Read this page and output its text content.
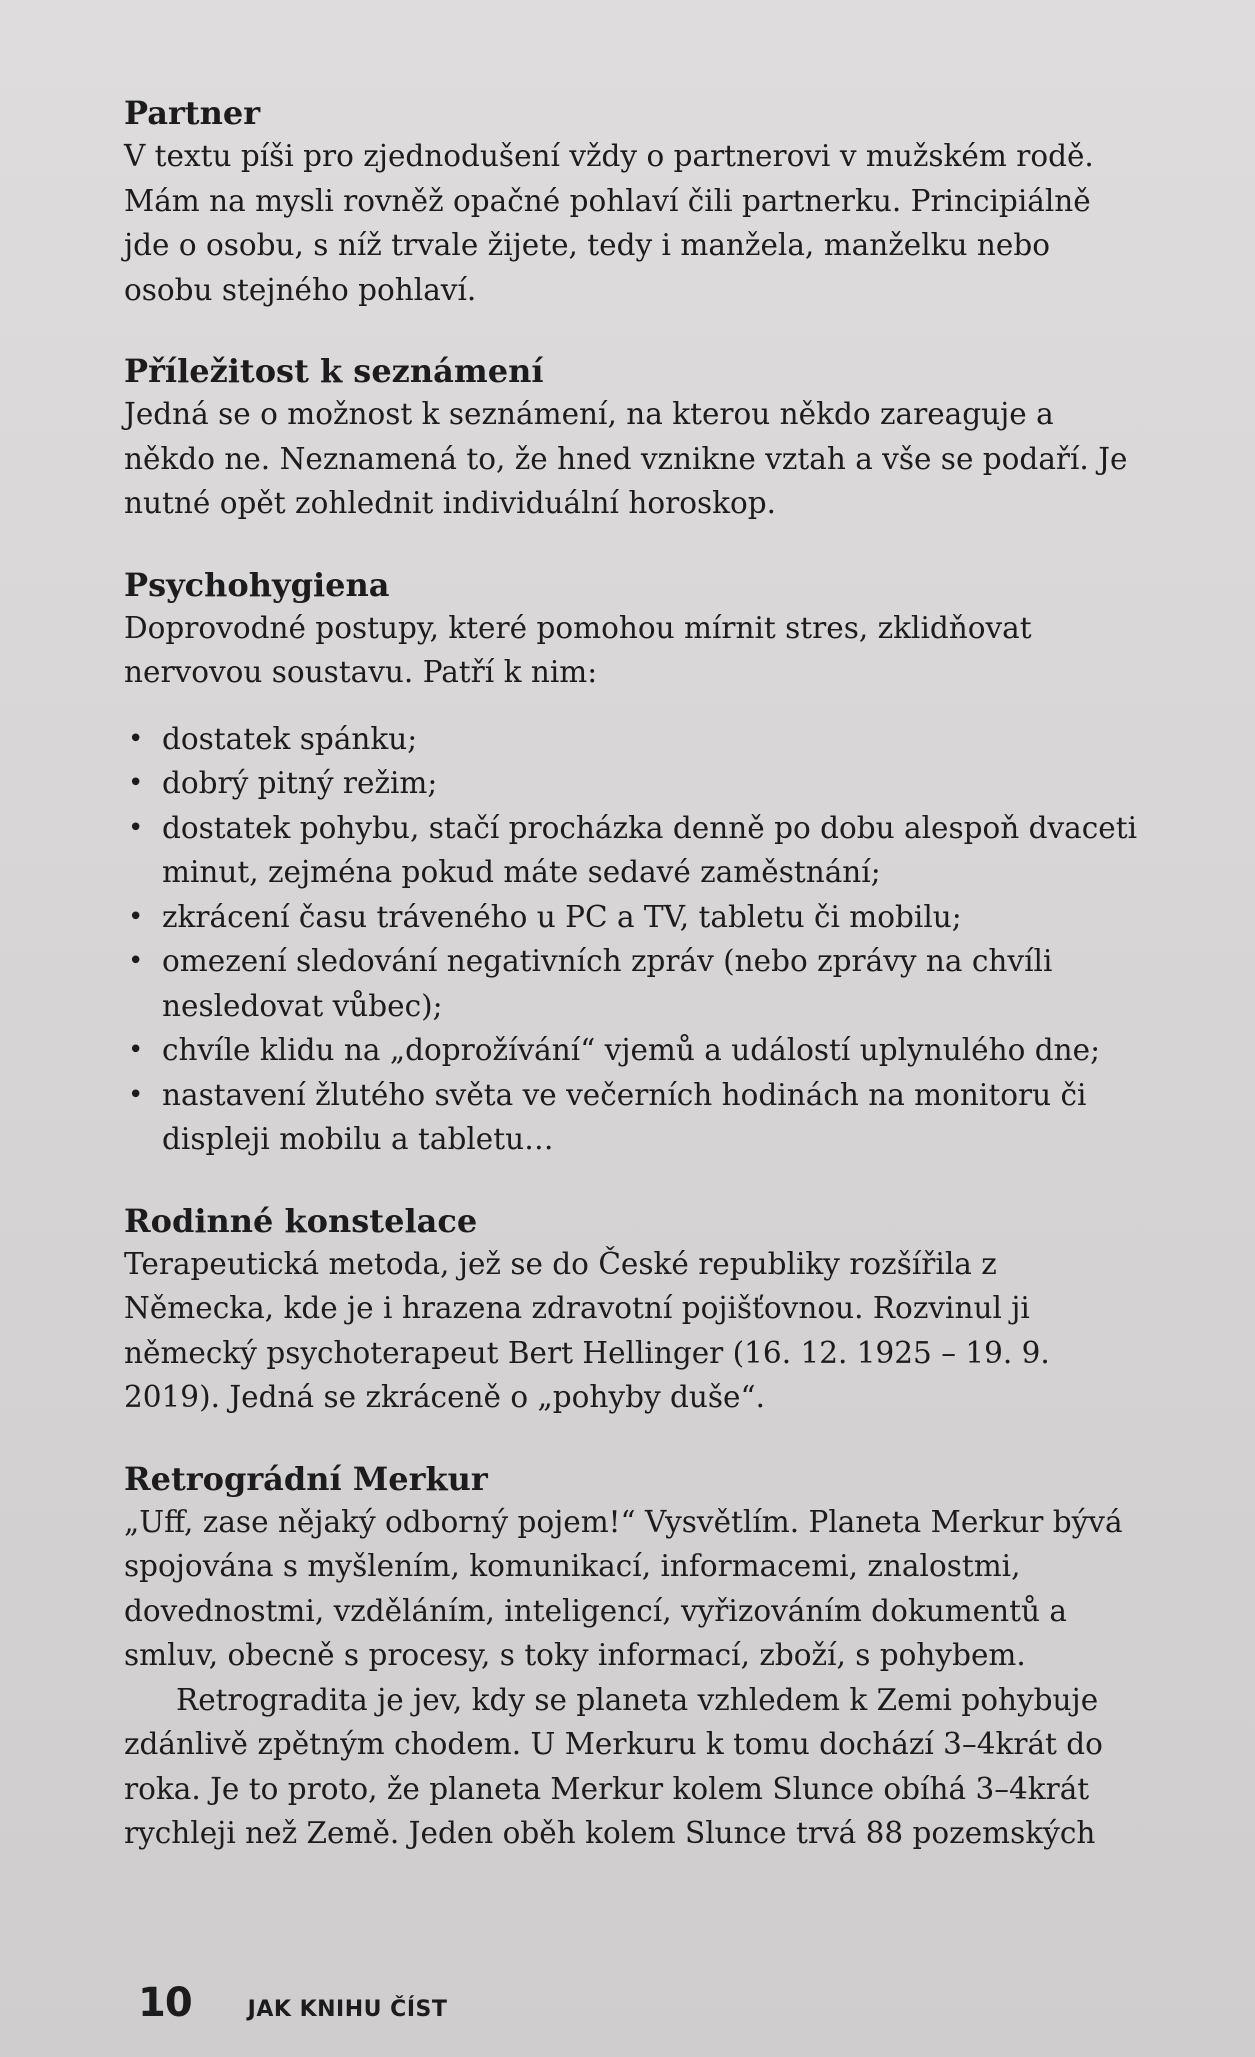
Partner

V textu píši pro zjednodušení vždy o partnerovi v mužském rodě. Mám na mysli rovněž opačné pohlaví čili partnerku. Principiálně jde o osobu, s níž trvale žijete, tedy i manžela, manželku nebo osobu stejného pohlaví.

Příležitost k seznámení

Jedná se o možnost k seznámení, na kterou někdo zareaguje a někdo ne. Neznamená to, že hned vznikne vztah a vše se podaří. Je nutné opět zohlednit individuální horoskop.

Psychohygiena

Doprovodné postupy, které pomohou mírnit stres, zklidňovat nervovou soustavu. Patří k nim:

• dostatek spánku;
• dobrý pitný režim;
• dostatek pohybu, stačí procházka denně po dobu alespoň dvaceti minut, zejména pokud máte sedavé zaměstnání;
• zkrácení času tráveného u PC a TV, tabletu či mobilu;
• omezení sledování negativních zpráv (nebo zprávy na chvíli nesledovat vůbec);
• chvíle klidu na „doprožívání“ vjemů a událostí uplynulého dne;
• nastavení žlutého světa ve večerních hodinách na monitoru či displeji mobilu a tabletu…
Rodinné konstelace

Terapeutická metoda, jež se do České republiky rozšířila z Německa, kde je i hrazena zdravotní pojišťovnou. Rozvinul ji německý psychoterapeut Bert Hellinger (16. 12. 1925 – 19. 9. 2019). Jedná se zkráceně o „pohyby duše“.

Retrográdní Merkur

„Uff, zase nějaký odborný pojem!“ Vysvětlím. Planeta Merkur bývá spojována s myšlením, komunikací, informacemi, znalostmi, dovednostmi, vzděláním, inteligencí, vyřizováním dokumentů a smluv, obecně s procesy, s toky informací, zboží, s pohybem.

Retrogradita je jev, kdy se planeta vzhledem k Zemi pohybuje zdánlivě zpětným chodem. U Merkuru k tomu dochází 3–4krát do roka. Je to proto, že planeta Merkur kolem Slunce obíhá 3–4krát rychleji než Země. Jeden oběh kolem Slunce trvá 88 pozemských

10	JAK KNIHU ČÍST
